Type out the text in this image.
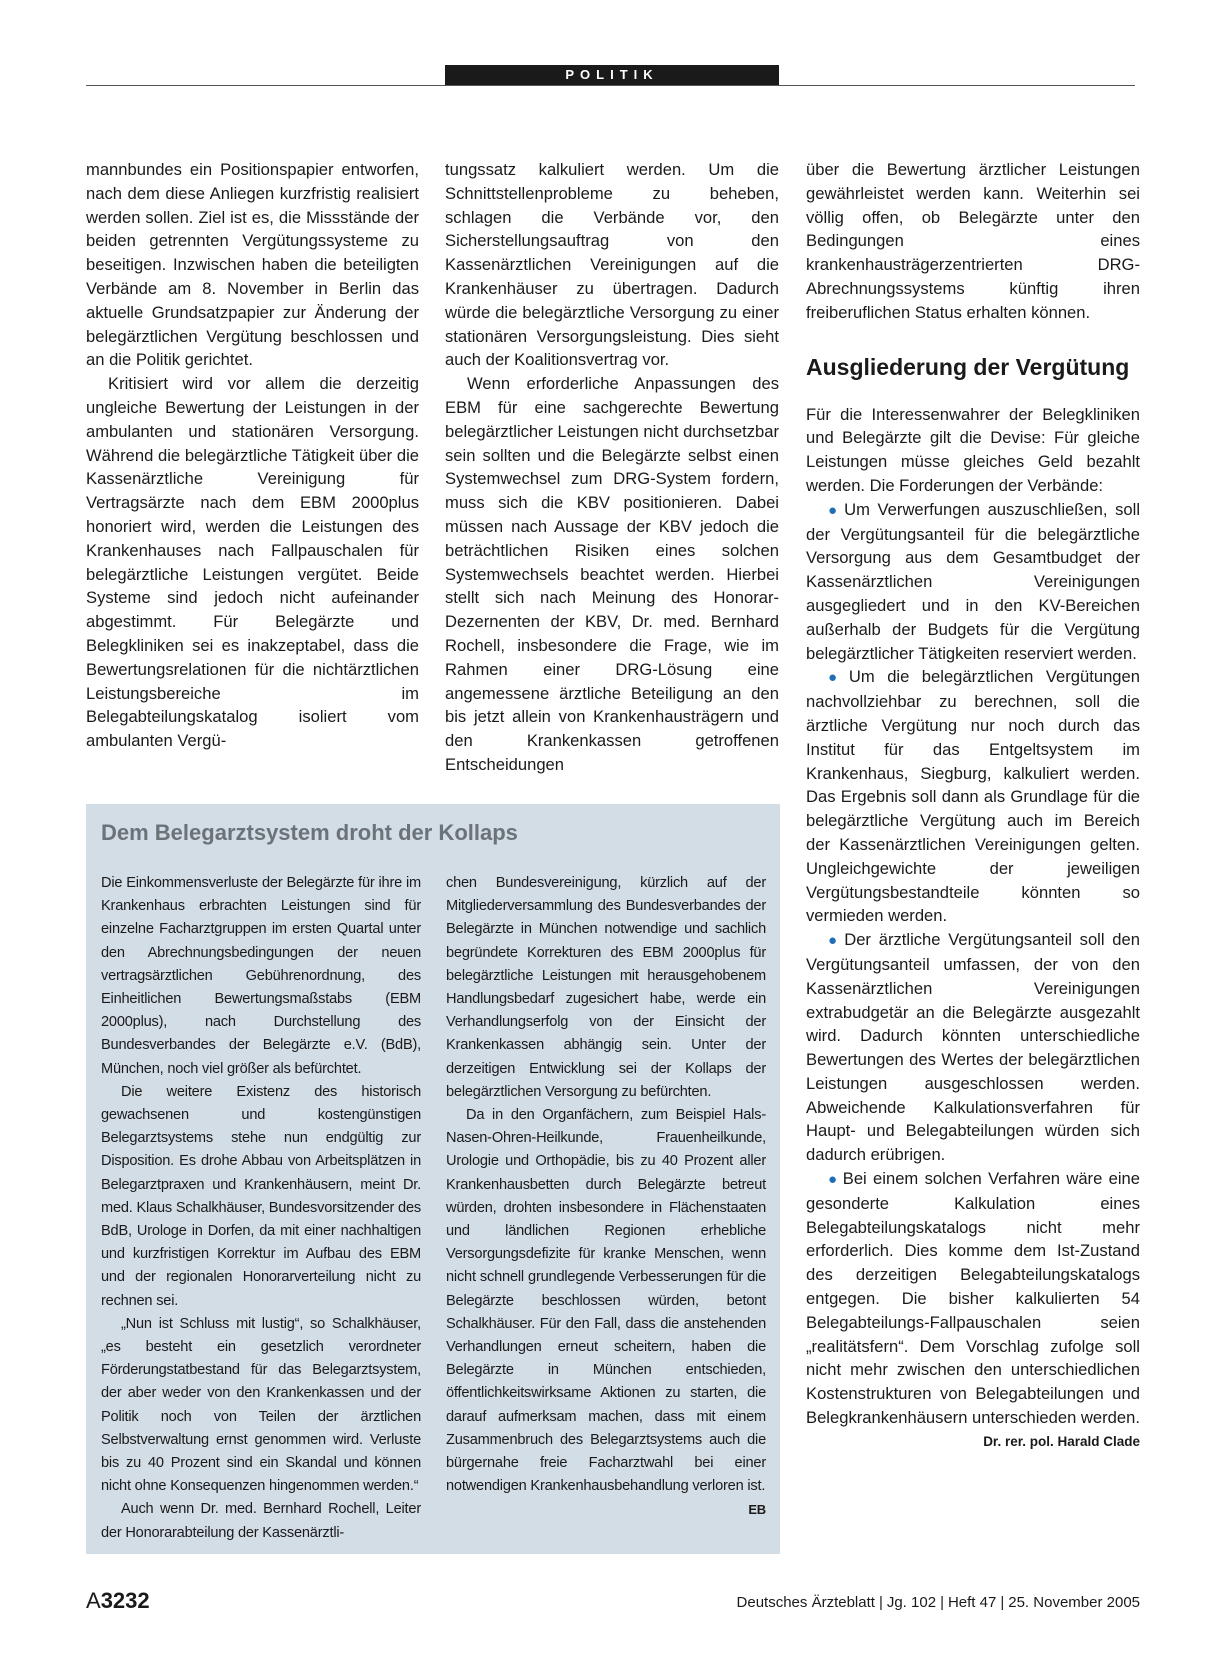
POLITIK

mannbundes ein Positionspapier entworfen, nach dem diese Anliegen kurzfristig realisiert werden sollen. Ziel ist es, die Missstände der beiden getrennten Vergütungssysteme zu beseitigen. Inzwischen haben die beteiligten Verbände am 8. November in Berlin das aktuelle Grundsatzpapier zur Änderung der belegärztlichen Vergütung beschlossen und an die Politik gerichtet.

Kritisiert wird vor allem die derzeitig ungleiche Bewertung der Leistungen in der ambulanten und stationären Versorgung. Während die belegärztliche Tätigkeit über die Kassenärztliche Vereinigung für Vertragsärzte nach dem EBM 2000plus honoriert wird, werden die Leistungen des Krankenhauses nach Fallpauschalen für belegärztliche Leistungen vergütet. Beide Systeme sind jedoch nicht aufeinander abgestimmt. Für Belegärzte und Belegkliniken sei es inakzeptabel, dass die Bewertungsrelationen für die nichtärztlichen Leistungsbereiche im Belegabteilungskatalog isoliert vom ambulanten Vergü-

tungssatz kalkuliert werden. Um die Schnittstellenprobleme zu beheben, schlagen die Verbände vor, den Sicherstellungsauftrag von den Kassenärztlichen Vereinigungen auf die Krankenhäuser zu übertragen. Dadurch würde die belegärztliche Versorgung zu einer stationären Versorgungsleistung. Dies sieht auch der Koalitionsvertrag vor.

Wenn erforderliche Anpassungen des EBM für eine sachgerechte Bewertung belegärztlicher Leistungen nicht durchsetzbar sein sollten und die Belegärzte selbst einen Systemwechsel zum DRG-System fordern, muss sich die KBV positionieren. Dabei müssen nach Aussage der KBV jedoch die beträchtlichen Risiken eines solchen Systemwechsels beachtet werden. Hierbei stellt sich nach Meinung des Honorar-Dezernenten der KBV, Dr. med. Bernhard Rochell, insbesondere die Frage, wie im Rahmen einer DRG-Lösung eine angemessene ärztliche Beteiligung an den bis jetzt allein von Krankenhausträgern und den Krankenkassen getroffenen Entscheidungen

über die Bewertung ärztlicher Leistungen gewährleistet werden kann. Weiterhin sei völlig offen, ob Belegärzte unter den Bedingungen eines krankenhausträgerzentrierten DRG-Abrechnungssystems künftig ihren freiberuflichen Status erhalten können.

Ausgliederung der Vergütung

Für die Interessenwahrer der Belegkliniken und Belegärzte gilt die Devise: Für gleiche Leistungen müsse gleiches Geld bezahlt werden. Die Forderungen der Verbände:

● Um Verwerfungen auszuschließen, soll der Vergütungsanteil für die belegärztliche Versorgung aus dem Gesamtbudget der Kassenärztlichen Vereinigungen ausgegliedert und in den KV-Bereichen außerhalb der Budgets für die Vergütung belegärztlicher Tätigkeiten reserviert werden.

● Um die belegärztlichen Vergütungen nachvollziehbar zu berechnen, soll die ärztliche Vergütung nur noch durch das Institut für das Entgeltsystem im Krankenhaus, Siegburg, kalkuliert werden. Das Ergebnis soll dann als Grundlage für die belegärztliche Vergütung auch im Bereich der Kassenärztlichen Vereinigungen gelten. Ungleichgewichte der jeweiligen Vergütungsbestandteile könnten so vermieden werden.

● Der ärztliche Vergütungsanteil soll den Vergütungsanteil umfassen, der von den Kassenärztlichen Vereinigungen extrabudgetär an die Belegärzte ausgezahlt wird. Dadurch könnten unterschiedliche Bewertungen des Wertes der belegärztlichen Leistungen ausgeschlossen werden. Abweichende Kalkulationsverfahren für Haupt- und Belegabteilungen würden sich dadurch erübrigen.

● Bei einem solchen Verfahren wäre eine gesonderte Kalkulation eines Belegabteilungskatalogs nicht mehr erforderlich. Dies komme dem Ist-Zustand des derzeitigen Belegabteilungskatalogs entgegen. Die bisher kalkulierten 54 Belegabteilungs-Fallpauschalen seien „realitätsfern“. Dem Vorschlag zufolge soll nicht mehr zwischen den unterschiedlichen Kostenstrukturen von Belegabteilungen und Belegkrankenhäusern unterschieden werden.
Dr. rer. pol. Harald Clade

Dem Belegarztsystem droht der Kollaps

Die Einkommensverluste der Belegärzte für ihre im Krankenhaus erbrachten Leistungen sind für einzelne Facharztgruppen im ersten Quartal unter den Abrechnungsbedingungen der neuen vertragsärztlichen Gebührenordnung, des Einheitlichen Bewertungsmaßstabs (EBM 2000plus), nach Durchstellung des Bundesverbandes der Belegärzte e.V. (BdB), München, noch viel größer als befürchtet.

Die weitere Existenz des historisch gewachsenen und kostengünstigen Belegarztsystems stehe nun endgültig zur Disposition. Es drohe Abbau von Arbeitsplätzen in Belegarztpraxen und Krankenhäusern, meint Dr. med. Klaus Schalkhäuser, Bundesvorsitzender des BdB, Urologe in Dorfen, da mit einer nachhaltigen und kurzfristigen Korrektur im Aufbau des EBM und der regionalen Honorarverteilung nicht zu rechnen sei.

„Nun ist Schluss mit lustig“, so Schalkhäuser, „es besteht ein gesetzlich verordneter Förderungstatbestand für das Belegarztsystem, der aber weder von den Krankenkassen und der Politik noch von Teilen der ärztlichen Selbstverwaltung ernst genommen wird. Verluste bis zu 40 Prozent sind ein Skandal und können nicht ohne Konsequenzen hingenommen werden.“

Auch wenn Dr. med. Bernhard Rochell, Leiter der Honorarabteilung der Kassenärztli-

chen Bundesvereinigung, kürzlich auf der Mitgliederversammlung des Bundesverbandes der Belegärzte in München notwendige und sachlich begründete Korrekturen des EBM 2000plus für belegärztliche Leistungen mit herausgehobenem Handlungsbedarf zugesichert habe, werde ein Verhandlungserfolg von der Einsicht der Krankenkassen abhängig sein. Unter der derzeitigen Entwicklung sei der Kollaps der belegärztlichen Versorgung zu befürchten.

Da in den Organfächern, zum Beispiel Hals-Nasen-Ohren-Heilkunde, Frauenheilkunde, Urologie und Orthopädie, bis zu 40 Prozent aller Krankenhausbetten durch Belegärzte betreut würden, drohten insbesondere in Flächenstaaten und ländlichen Regionen erhebliche Versorgungsdefizite für kranke Menschen, wenn nicht schnell grundlegende Verbesserungen für die Belegärzte beschlossen würden, betont Schalkhäuser. Für den Fall, dass die anstehenden Verhandlungen erneut scheitern, haben die Belegärzte in München entschieden, öffentlichkeitswirksame Aktionen zu starten, die darauf aufmerksam machen, dass mit einem Zusammenbruch des Belegarztsystems auch die bürgernahe freie Facharztwahl bei einer notwendigen Krankenhausbehandlung verloren ist.
EB

A3232	Deutsches Ärzteblatt | Jg. 102 | Heft 47 | 25. November 2005
